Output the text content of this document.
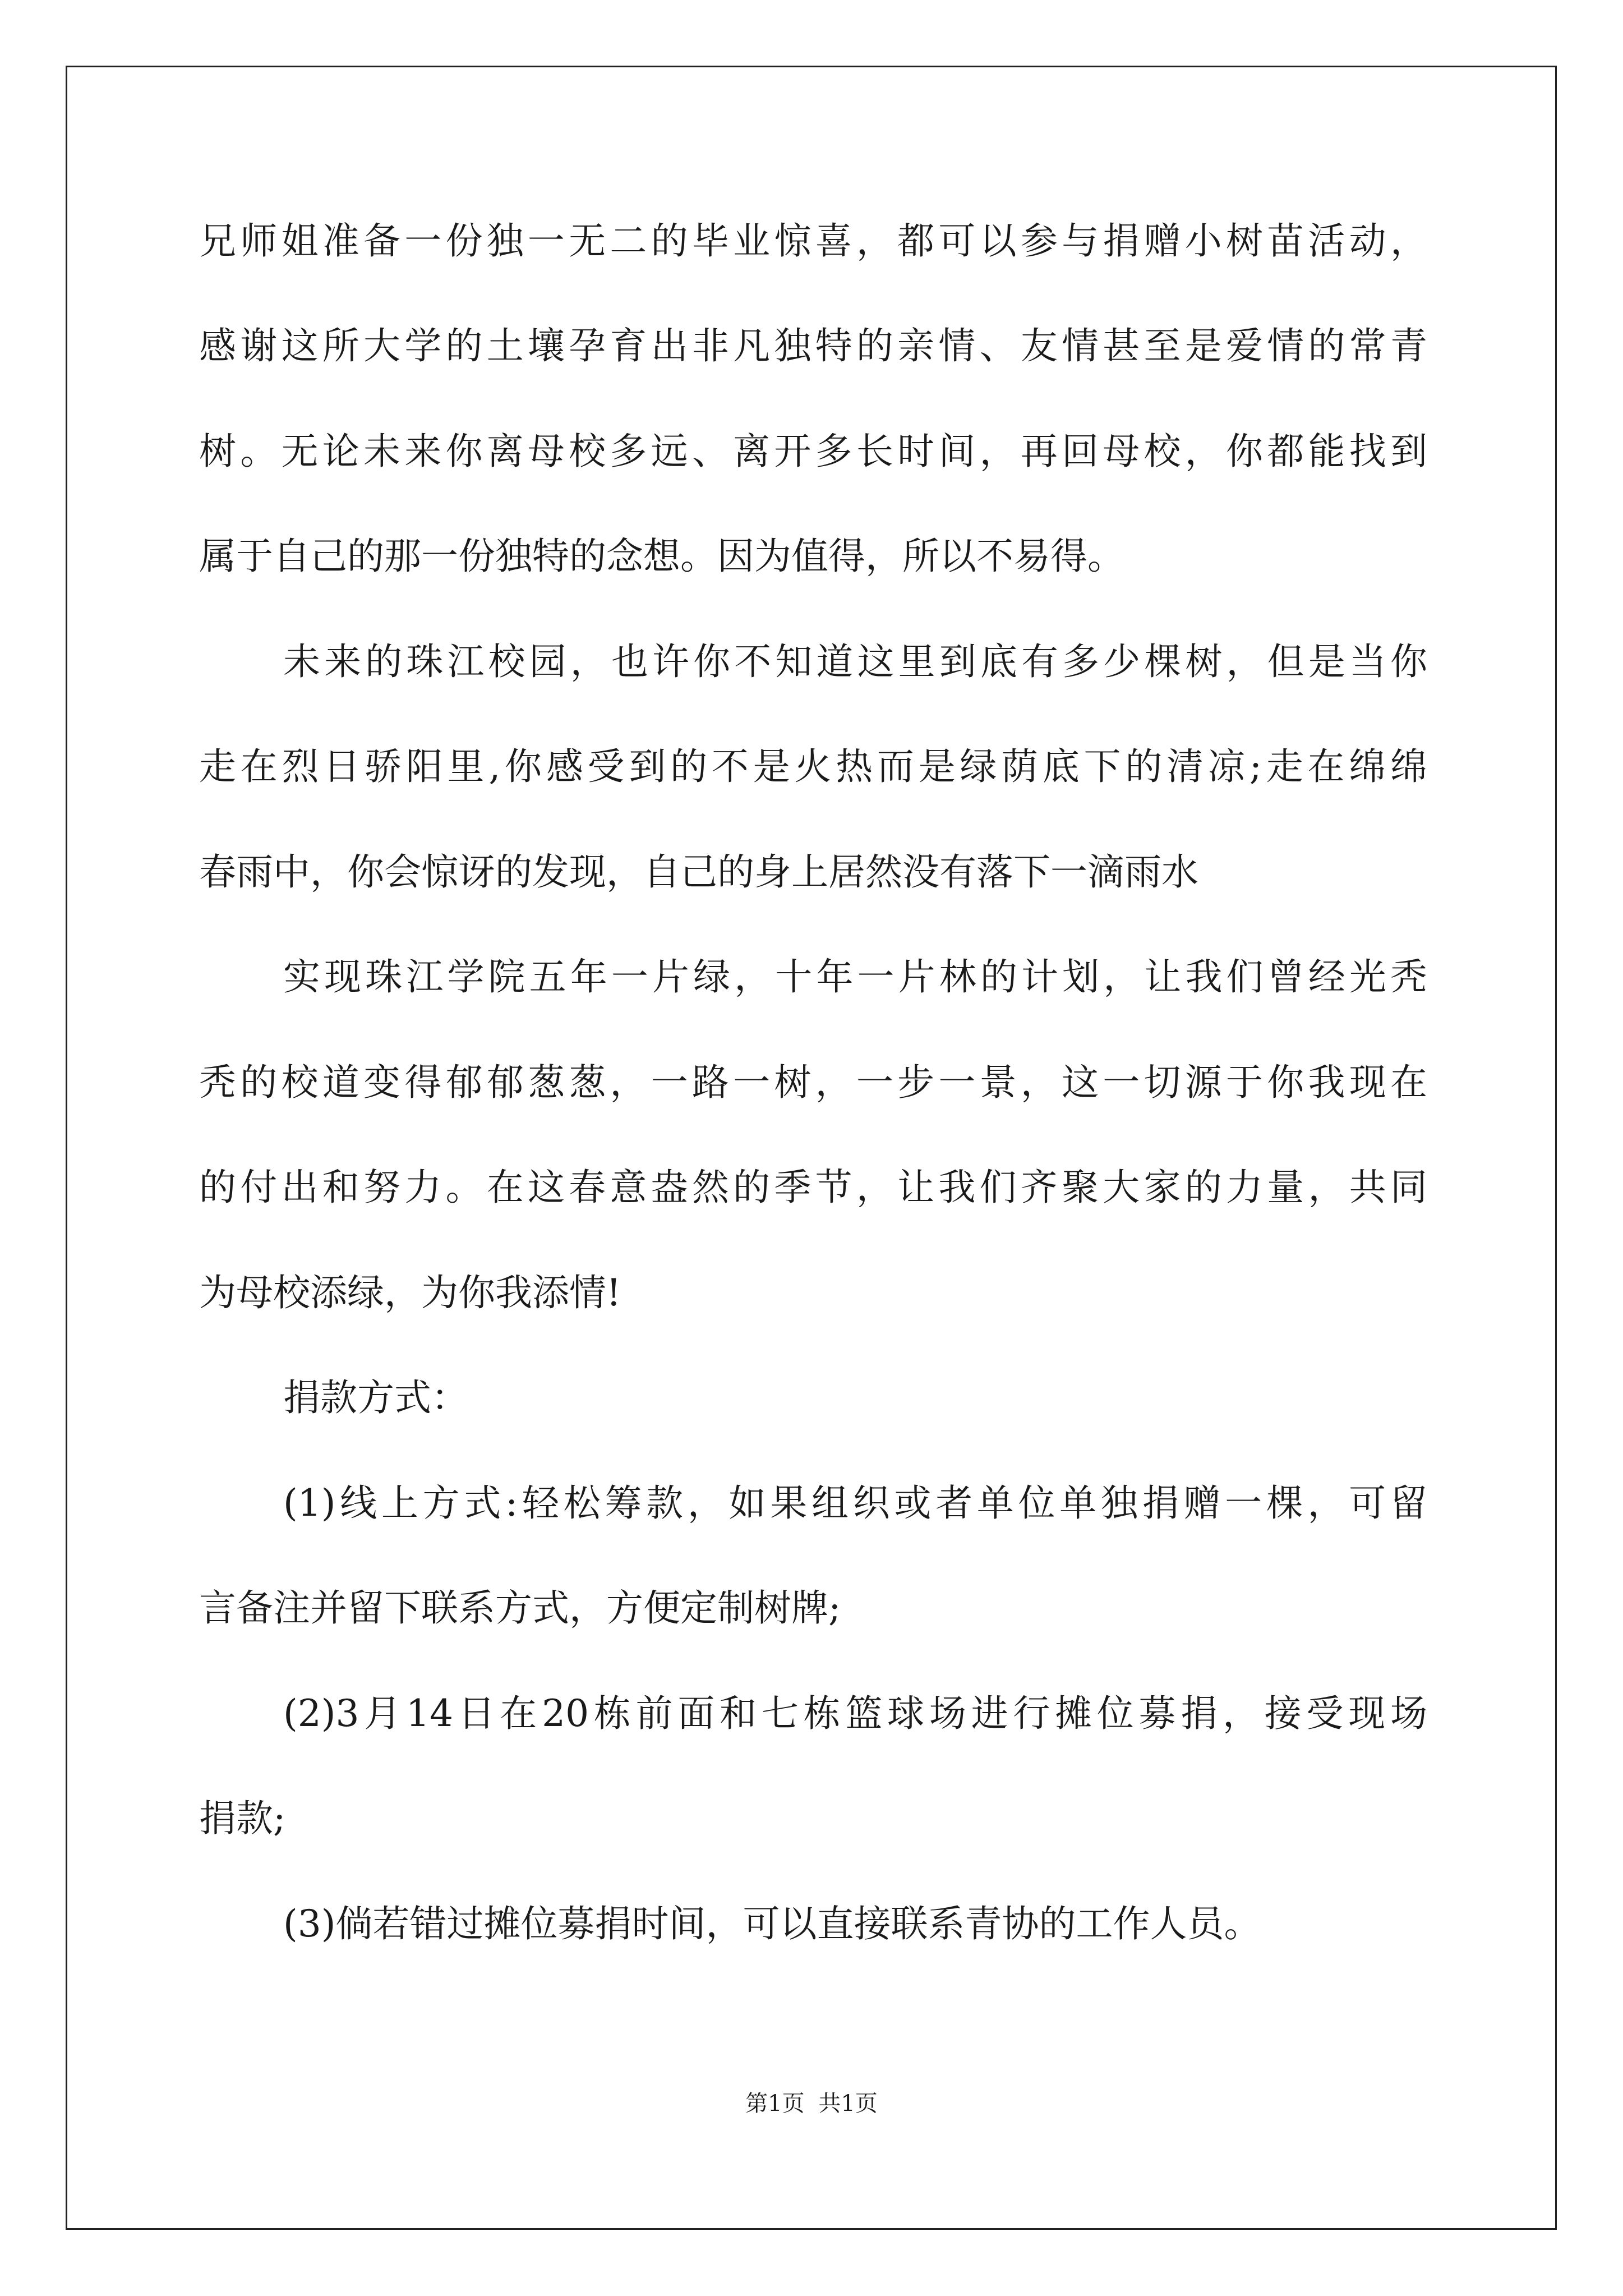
兄师姐准备一份独一无二的毕业惊喜，都可以参与捐赠小树苗活动，
感谢这所大学的土壤孕育出非凡独特的亲情、友情甚至是爱情的常青
树。无论未来你离母校多远、离开多长时间，再回母校，你都能找到
属于自己的那一份独特的念想。因为值得，所以不易得。
未来的珠江校园，也许你不知道这里到底有多少棵树，但是当你
走在烈日骄阳里,你感受到的不是火热而是绿荫底下的清凉;走在绵绵
春雨中，你会惊讶的发现，自己的身上居然没有落下一滴雨水
实现珠江学院五年一片绿，十年一片林的计划，让我们曾经光秃
秃的校道变得郁郁葱葱，一路一树，一步一景，这一切源于你我现在
的付出和努力。在这春意盎然的季节，让我们齐聚大家的力量，共同
为母校添绿，为你我添情!
捐款方式：
(1)线上方式:轻松筹款，如果组织或者单位单独捐赠一棵，可留
言备注并留下联系方式，方便定制树牌;
(2)3月14日在20栋前面和七栋篮球场进行摊位募捐，接受现场
捐款;
(3)倘若错过摊位募捐时间，可以直接联系青协的工作人员。
第1页 共1页
